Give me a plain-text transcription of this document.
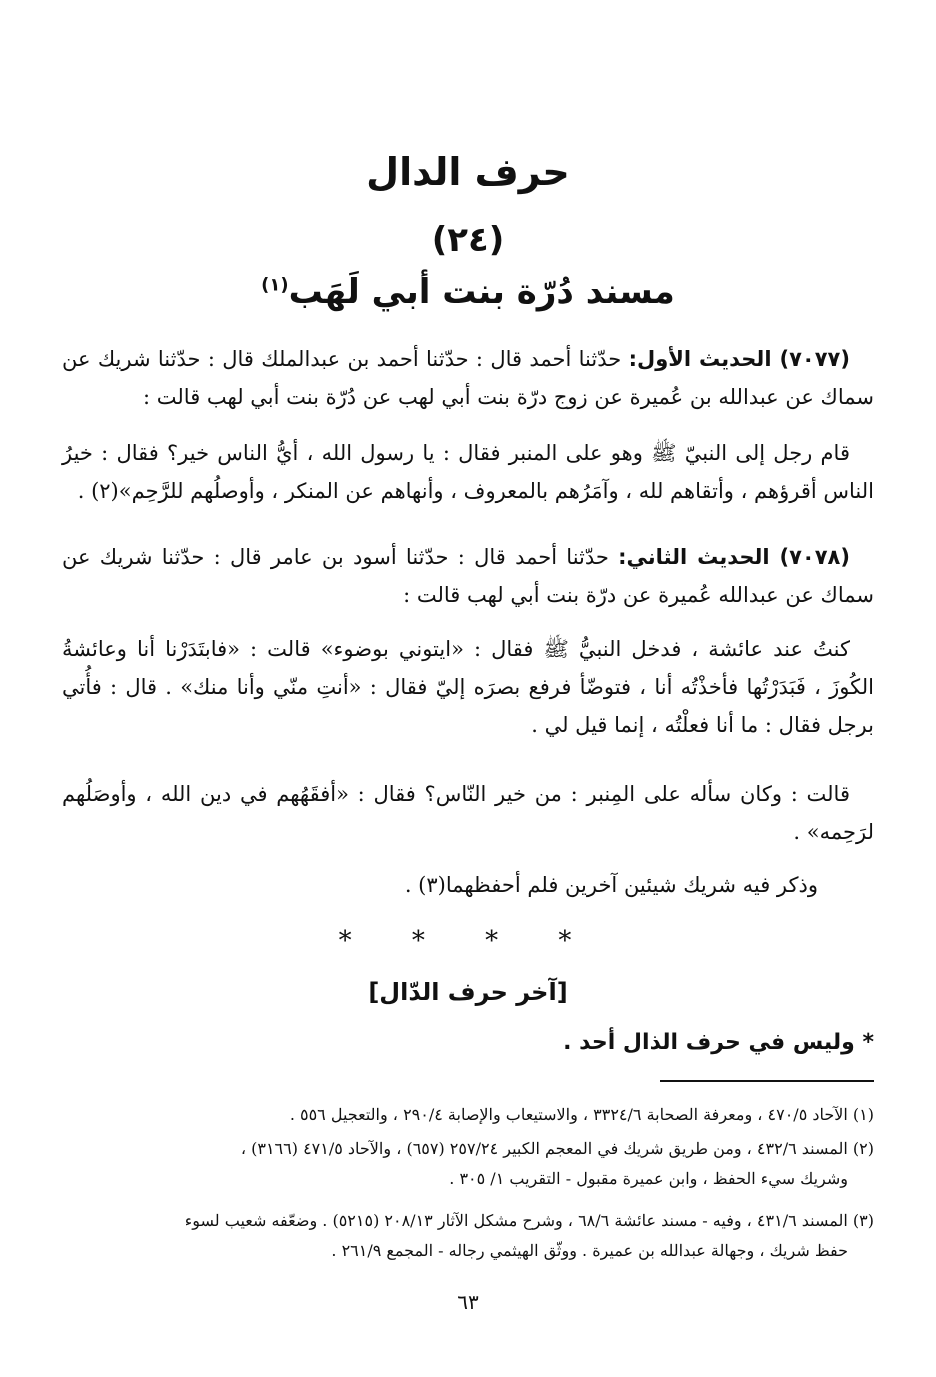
حرف الدال
(٢٤)
مسند دُرّة بنت أبي لَهَب$^{(١)}$
(٧٠٧٧) الحديث الأول: حدّثنا أحمد قال : حدّثنا أحمد بن عبدالملك قال : حدّثنا شريك عن سماك عن عبدالله بن عُميرة عن زوج درّة بنت أبي لهب عن دُرّة بنت أبي لهب قالت :
قام رجل إلى النبيّ ﷺ وهو على المنبر فقال : يا رسول الله ، أيُّ الناس خير؟ فقال : خيرُ الناس أقرؤهم ، وأتقاهم لله ، وآمَرُهم بالمعروف ، وأنهاهم عن المنكر ، وأوصلُهم للرَّحِم»(٢) .
(٧٠٧٨) الحديث الثاني: حدّثنا أحمد قال : حدّثنا أسود بن عامر قال : حدّثنا شريك عن سماك عن عبدالله عُميرة عن درّة بنت أبي لهب قالت :
كنتُ عند عائشة ، فدخل النبيُّ ﷺ فقال : «ايتوني بوضوء» قالت : «فابتَدَرْنا أنا وعائشةُ الكُوزَ ، فَبَدَرْتُها فأخذْتُه أنا ، فتوضّأ فرفع بصرَه إليّ فقال : «أنتِ منّي وأنا منك» . قال : فأُتي برجل فقال : ما أنا فعلْتُه ، إنما قيل لي .
قالت : وكان سأله على المِنبر : من خير النّاس؟ فقال : «أفقَهُهم في دين الله ، وأوصَلُهم لرَحِمه» .
وذكر فيه شريك شيئين آخرين فلم أحفظهما(٣) .
* * * *
[آخر حرف الدّال]
* وليس في حرف الذال أحد .
(١) الآحاد ٤٧٠/٥ ، ومعرفة الصحابة ٣٣٢٤/٦ ، والاستيعاب والإصابة ٢٩٠/٤ ، والتعجيل ٥٥٦ .
(٢) المسند ٤٣٢/٦ ، ومن طريق شريك في المعجم الكبير ٢٥٧/٢٤ (٦٥٧) ، والآحاد ٤٧١/٥ (٣١٦٦) ،
وشريك سيء الحفظ ، وابن عميرة مقبول - التقريب ١/ ٣٠٥ .
(٣) المسند ٤٣١/٦ ، وفيه - مسند عائشة ٦٨/٦ ، وشرح مشكل الآثار ٢٠٨/١٣ (٥٢١٥) . وضعّفه شعيب لسوء
حفظ شريك ، وجهالة عبدالله بن عميرة . ووثّق الهيثمي رجاله - المجمع ٢٦١/٩ .
٦٣
